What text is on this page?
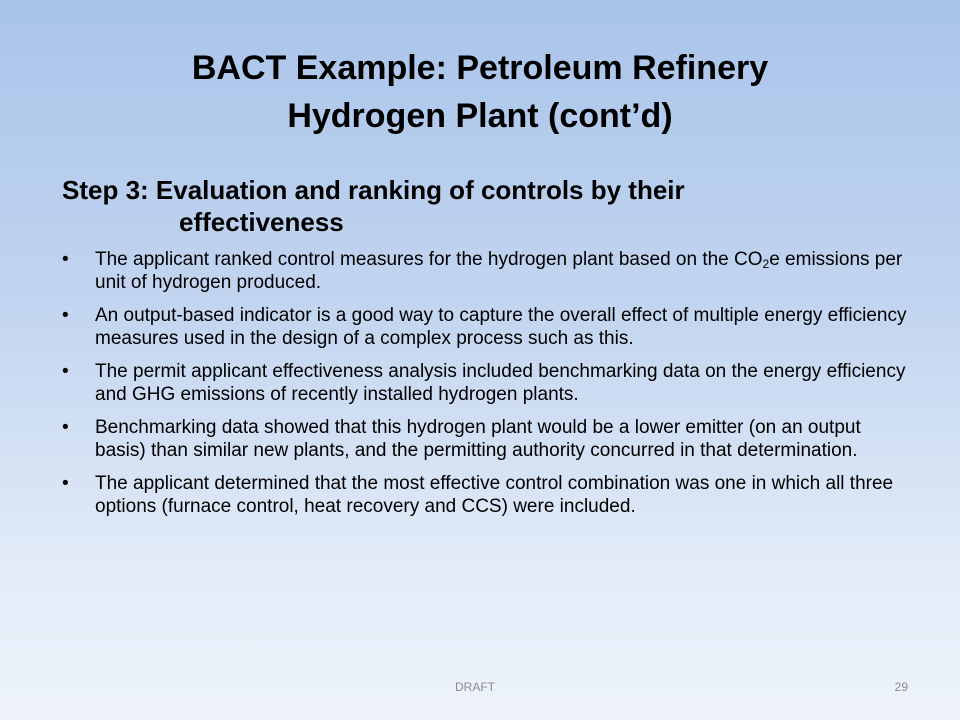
BACT Example: Petroleum Refinery
Hydrogen Plant (cont’d)
Step 3: Evaluation and ranking of controls by their
effectiveness
• The applicant ranked control measures for the hydrogen plant based on the $CO_2e$ emissions per unit of hydrogen produced.
• An output-based indicator is a good way to capture the overall effect of multiple energy efficiency measures used in the design of a complex process such as this.
• The permit applicant effectiveness analysis included benchmarking data on the energy efficiency and GHG emissions of recently installed hydrogen plants.
• Benchmarking data showed that this hydrogen plant would be a lower emitter (on an output basis) than similar new plants, and the permitting authority concurred in that determination.
• The applicant determined that the most effective control combination was one in which all three options (furnace control, heat recovery and CCS) were included.
DRAFT	29
